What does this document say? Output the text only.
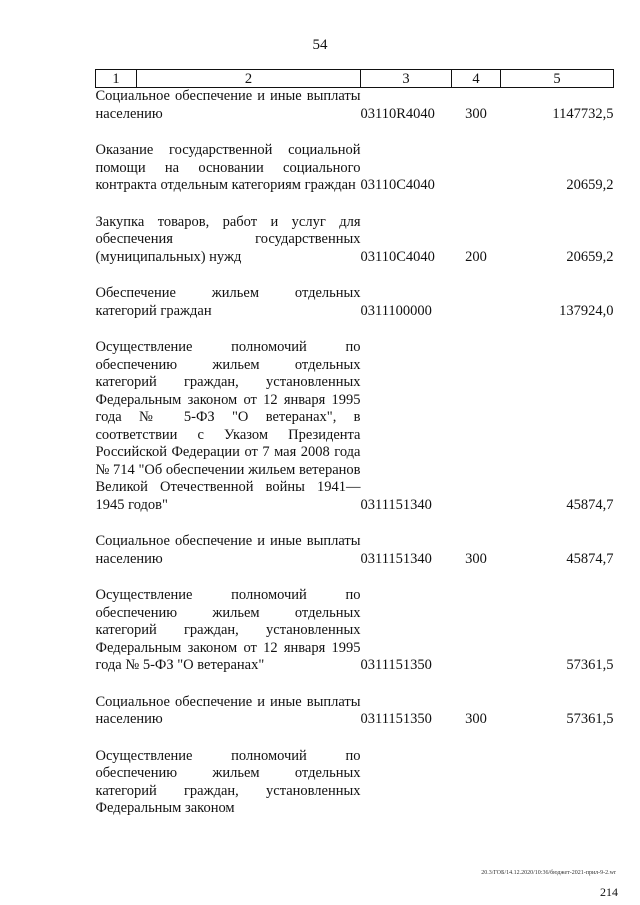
54
1	2	3	4	5
Социальное обеспечение и иные выплаты населению		03110R4040	300	1147732,5

Оказание государственной социальной помощи на основании социального контракта отдельным категориям граждан		03110C4040		20659,2

Закупка товаров, работ и услуг для обеспечения государственных (муниципальных) нужд		03110C4040	200	20659,2

Обеспечение жильем отдельных категорий граждан		0311100000		137924,0

Осуществление полномочий по обеспечению жильем отдельных категорий граждан, установленных Федеральным законом от 12 января 1995 года № 5-ФЗ "О ветеранах", в соответствии с Указом Президента Российской Федерации от 7 мая 2008 года № 714 "Об обеспечении жильем ветеранов Великой Отечественной войны 1941—1945 годов"		0311151340		45874,7

Социальное обеспечение и иные выплаты населению		0311151340	300	45874,7

Осуществление полномочий по обеспечению жильем отдельных категорий граждан, установленных Федеральным законом от 12 января 1995 года № 5-ФЗ "О ветеранах"		0311151350		57361,5

Социальное обеспечение и иные выплаты населению		0311151350	300	57361,5

Осуществление полномочий по обеспечению жильем отдельных категорий граждан, установленных Федеральным законом				
20.3/ГОБ/14.12.2020/10:36/бюджет-2021-прил-9-2.wr
214
